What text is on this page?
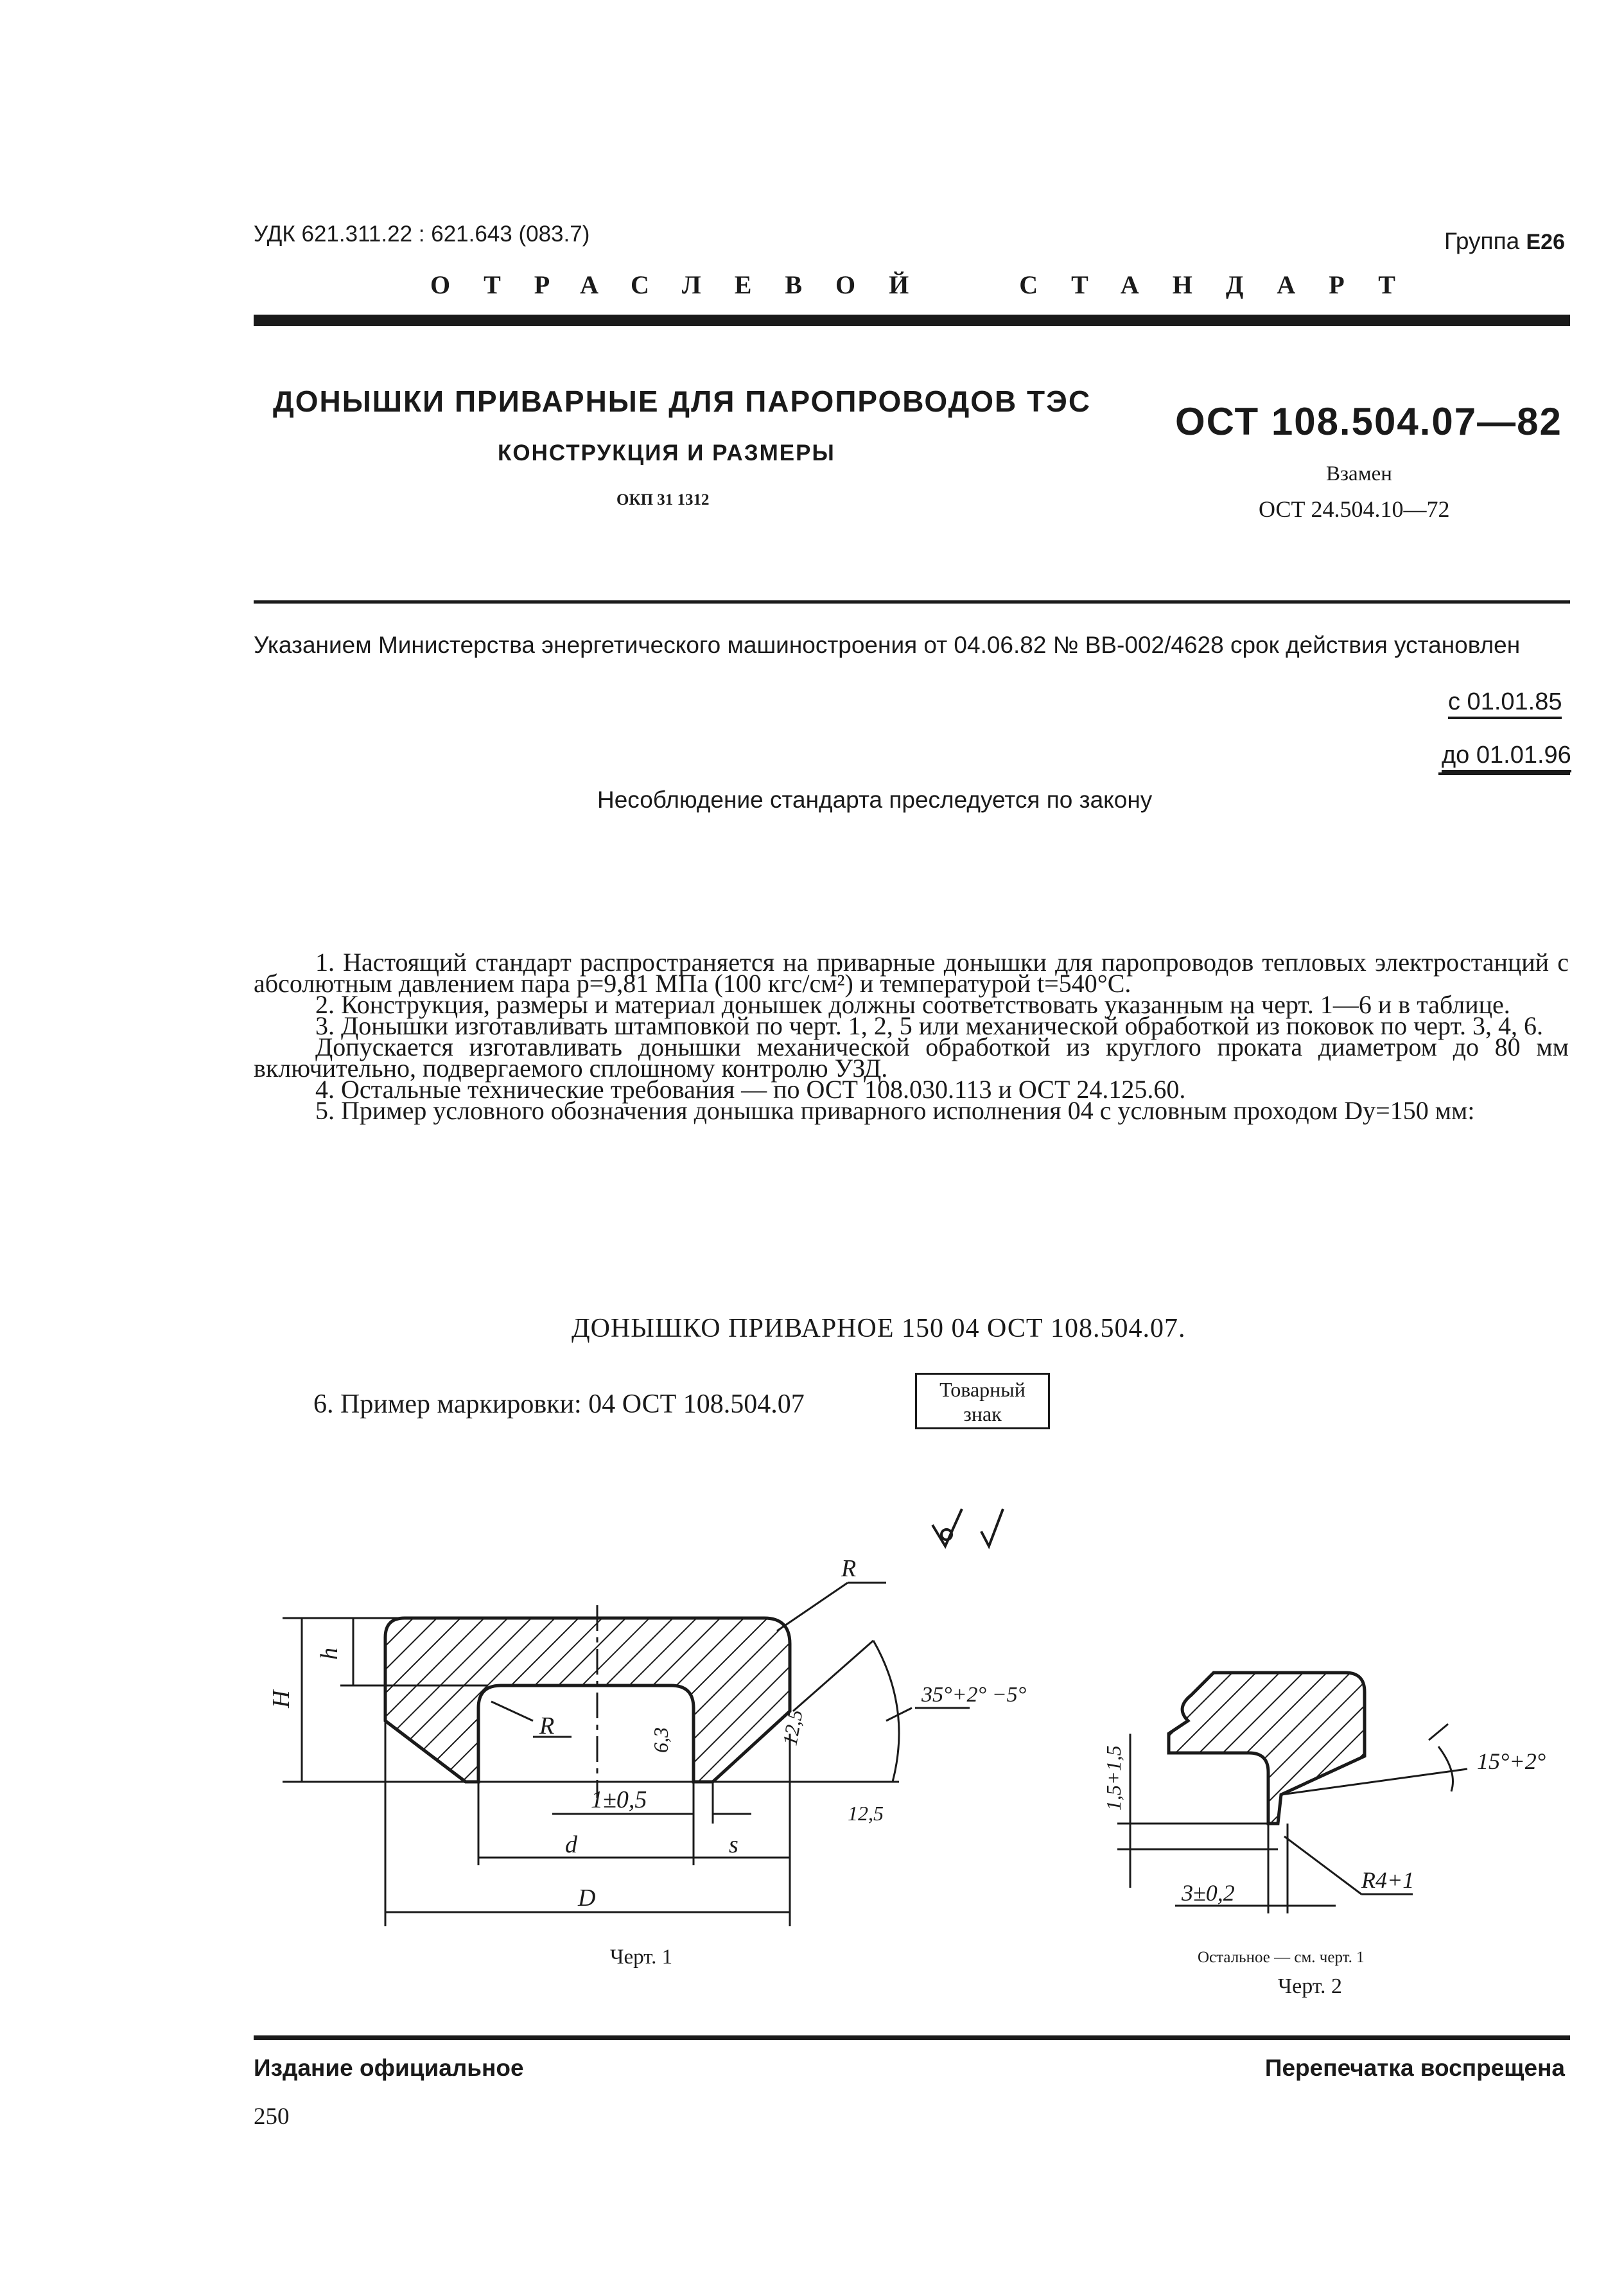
УДК 621.311.22 : 621.643 (083.7)	Группа Е26
ОТРАСЛЕВОЙ	СТАНДАРТ
ДОНЫШКИ ПРИВАРНЫЕ ДЛЯ ПАРОПРОВОДОВ ТЭС
КОНСТРУКЦИЯ И РАЗМЕРЫ
ОКП 31 1312
ОСТ 108.504.07—82
Взамен
ОСТ 24.504.10—72
Указанием Министерства энергетического машиностроения от 04.06.82 № ВВ-002/4628 срок действия установлен
с 01.01.85
до 01.01.96
Несоблюдение стандарта преследуется по закону

1. Настоящий стандарт распространяется на приварные донышки для паропроводов тепловых электростанций с абсолютным давлением пара p=9,81 МПа (100 кгс/см²) и температурой t=540°С.

2. Конструкция, размеры и материал донышек должны соответствовать указанным на черт. 1—6 и в таблице.

3. Донышки изготавливать штамповкой по черт. 1, 2, 5 или механической обработкой из поковок по черт. 3, 4, 6.

Допускается изготавливать донышки механической обработкой из круглого проката диаметром до 80 мм включительно, подвергаемого сплошному контролю УЗД.

4. Остальные технические требования — по ОСТ 108.030.113 и ОСТ 24.125.60.

5. Пример условного обозначения донышка приварного исполнения 04 с условным проходом Dу=150 мм:

ДОНЫШКО ПРИВАРНОЕ 150 04 ОСТ 108.504.07.
6. Пример маркировки: 04 ОСТ 108.504.07	Товарный
знак
R
R
h
H
d
D
s
1±0,5
6,3	12,5
12,5
35°+2° −5°
15°+2°
1,5+1,5
R4+1
3±0,2
Черт. 1	Остальное — см. черт. 1
Черт. 2
Издание официальное	Перепечатка воспрещена
250
